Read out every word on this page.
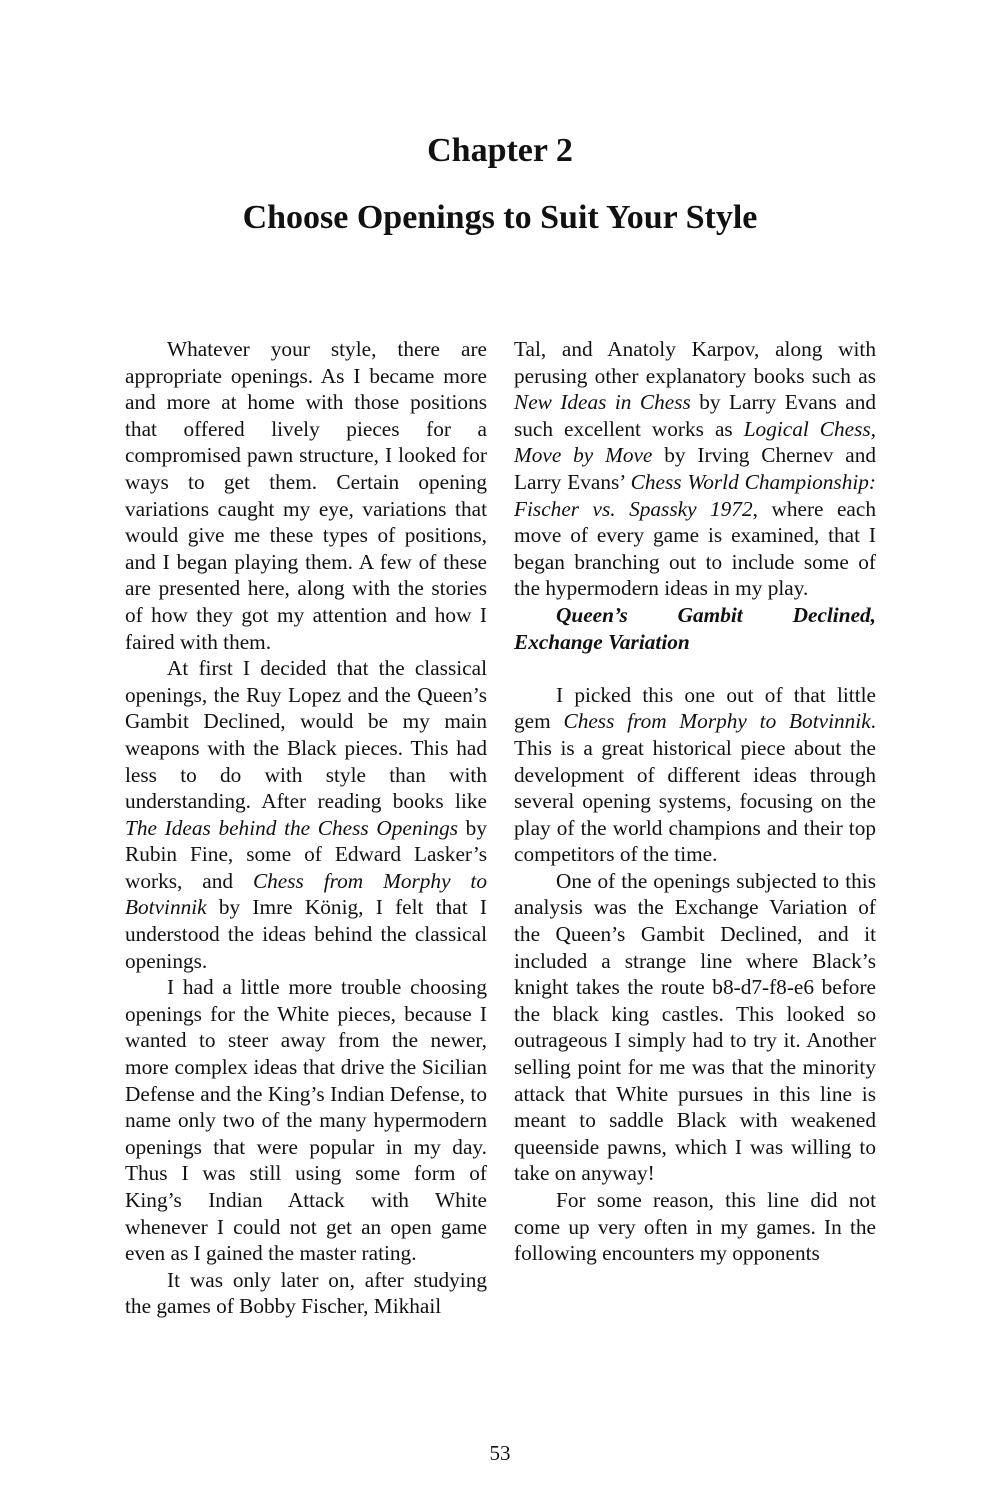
Chapter 2
Choose Openings to Suit Your Style

Whatever your style, there are appropriate openings. As I became more and more at home with those positions that offered lively pieces for a compromised pawn structure, I looked for ways to get them. Certain opening variations caught my eye, variations that would give me these types of positions, and I began playing them. A few of these are presented here, along with the stories of how they got my attention and how I faired with them.

At first I decided that the classical openings, the Ruy Lopez and the Queen’s Gambit Declined, would be my main weapons with the Black pieces. This had less to do with style than with understanding. After reading books like The Ideas behind the Chess Openings by Rubin Fine, some of Edward Lasker’s works, and Chess from Morphy to Botvinnik by Imre König, I felt that I understood the ideas behind the classical openings.

I had a little more trouble choosing openings for the White pieces, because I wanted to steer away from the newer, more complex ideas that drive the Sicilian Defense and the King’s Indian Defense, to name only two of the many hypermodern openings that were popular in my day. Thus I was still using some form of King’s Indian Attack with White whenever I could not get an open game even as I gained the master rating.

It was only later on, after studying the games of Bobby Fischer, Mikhail

Tal, and Anatoly Karpov, along with perusing other explanatory books such as New Ideas in Chess by Larry Evans and such excellent works as Logical Chess, Move by Move by Irving Chernev and Larry Evans’ Chess World Championship: Fischer vs. Spassky 1972, where each move of every game is examined, that I began branching out to include some of the hypermodern ideas in my play.

Queen’s Gambit Declined, Exchange Variation

I picked this one out of that little gem Chess from Morphy to Botvinnik. This is a great historical piece about the development of different ideas through several opening systems, focusing on the play of the world champions and their top competitors of the time.

One of the openings subjected to this analysis was the Exchange Variation of the Queen’s Gambit Declined, and it included a strange line where Black’s knight takes the route b8-d7-f8-e6 before the black king castles. This looked so outrageous I simply had to try it. Another selling point for me was that the minority attack that White pursues in this line is meant to saddle Black with weakened queenside pawns, which I was willing to take on anyway!

For some reason, this line did not come up very often in my games. In the following encounters my opponents

53
